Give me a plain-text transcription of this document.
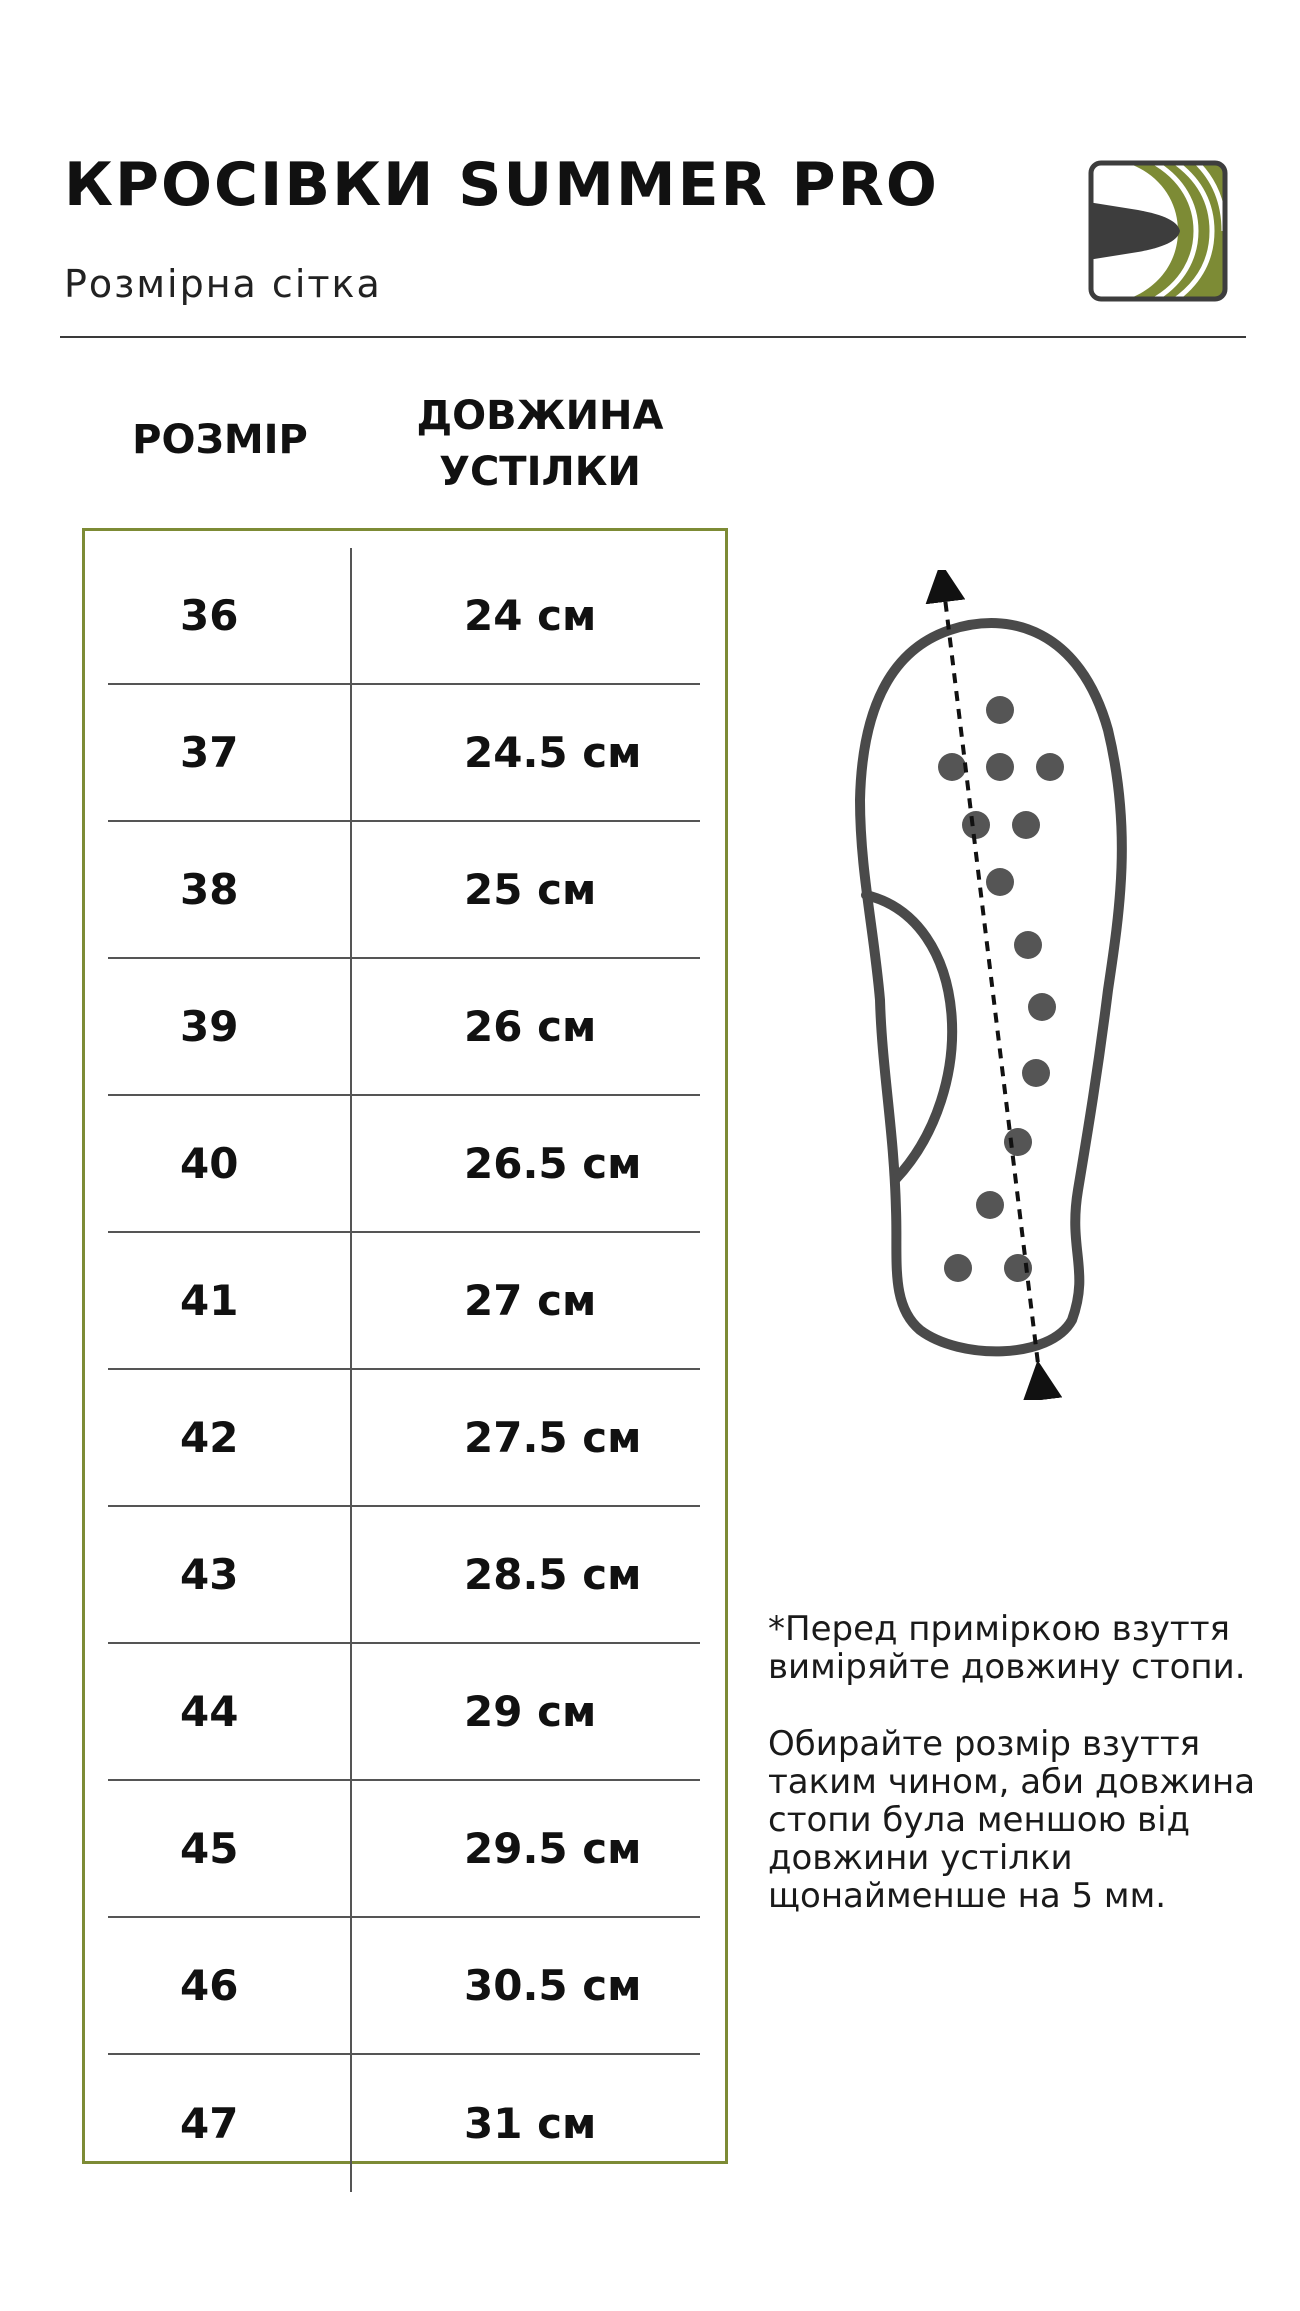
КРОСІВКИ SUMMER PRO

Розмірна сітка

РОЗМІР
ДОВЖИНА УСТІЛКИ
36	24 см
37	24.5 см
38	25 см
39	26 см
40	26.5 см
41	27 см
42	27.5 см
43	28.5 см
44	29 см
45	29.5 см
46	30.5 см
47	31 см

*Перед приміркою взуття виміряйте довжину стопи.

Обирайте розмір взуття таким чином, аби довжина стопи була меншою від довжини устілки щонайменше на 5 мм.
